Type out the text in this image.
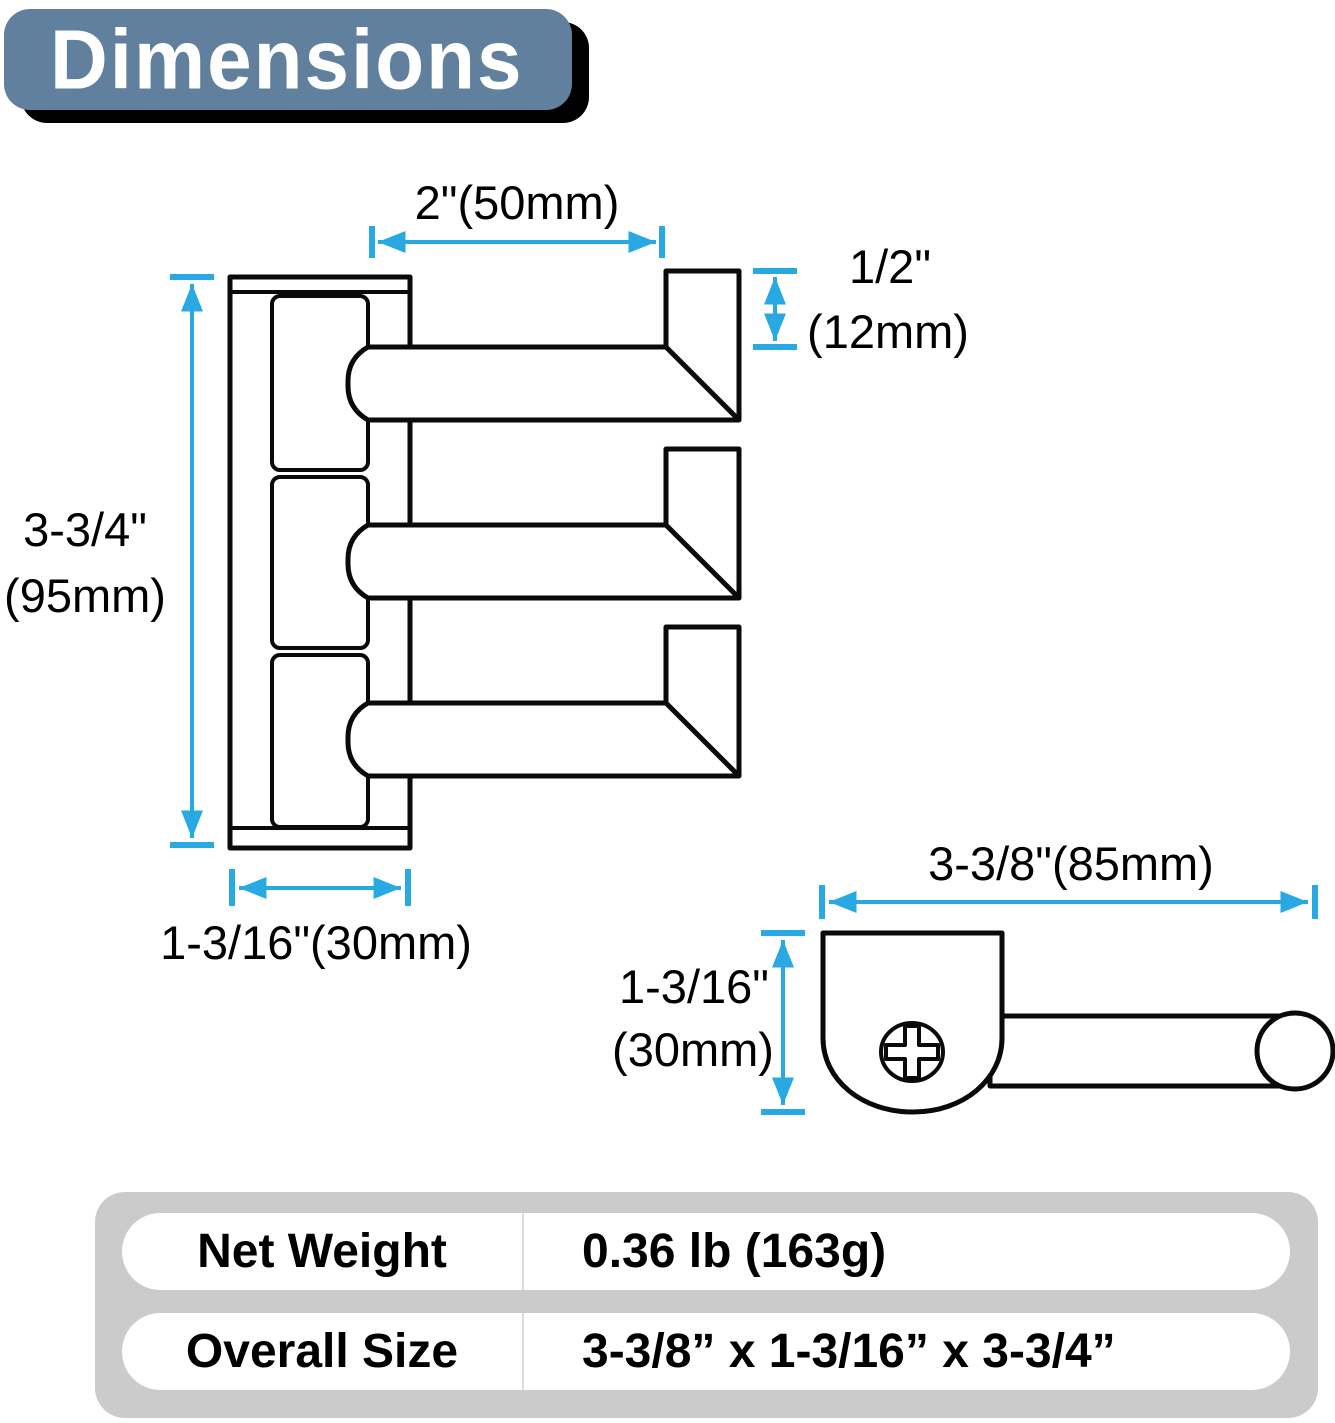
Dimensions
2"(50mm)
1/2"
(12mm)
3-3/4"
(95mm)
1-3/16"(30mm)
3-3/8"(85mm)
1-3/16"
(30mm)
Net Weight	0.36 lb (163g)
Overall Size	3-3/8” x 1-3/16” x 3-3/4”
